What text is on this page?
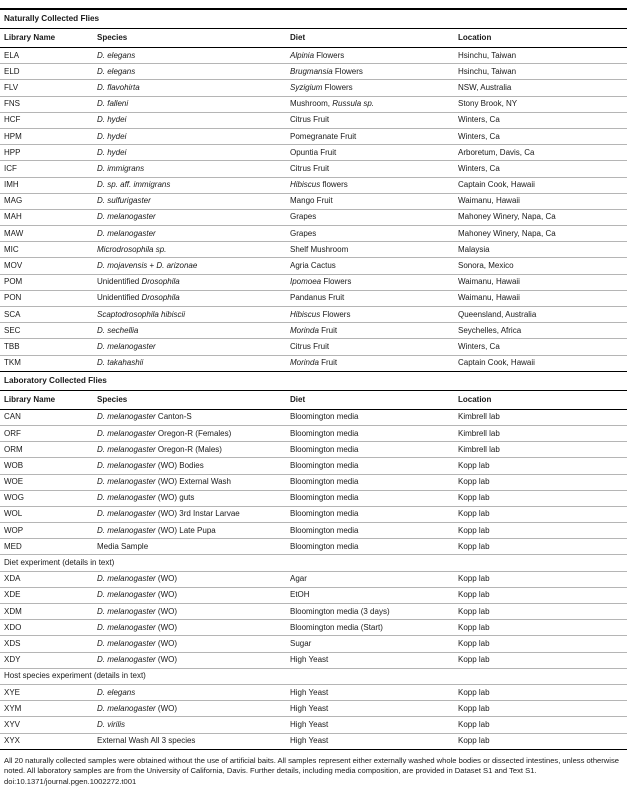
Naturally Collected Flies			
Library Name	Species	Diet	Location
ELA	D. elegans	Alpinia Flowers	Hsinchu, Taiwan
ELD	D. elegans	Brugmansia Flowers	Hsinchu, Taiwan
FLV	D. flavohirta	Syzigium Flowers	NSW, Australia
FNS	D. falleni	Mushroom, Russula sp.	Stony Brook, NY
HCF	D. hydei	Citrus Fruit	Winters, Ca
HPM	D. hydei	Pomegranate Fruit	Winters, Ca
HPP	D. hydei	Opuntia Fruit	Arboretum, Davis, Ca
ICF	D. immigrans	Citrus Fruit	Winters, Ca
IMH	D. sp. aff. immigrans	Hibiscus flowers	Captain Cook, Hawaii
MAG	D. sulfurigaster	Mango Fruit	Waimanu, Hawaii
MAH	D. melanogaster	Grapes	Mahoney Winery, Napa, Ca
MAW	D. melanogaster	Grapes	Mahoney Winery, Napa, Ca
MIC	Microdrosophila sp.	Shelf Mushroom	Malaysia
MOV	D. mojavensis + D. arizonae	Agria Cactus	Sonora, Mexico
POM	Unidentified Drosophila	Ipomoea Flowers	Waimanu, Hawaii
PON	Unidentified Drosophila	Pandanus Fruit	Waimanu, Hawaii
SCA	Scaptodrosophila hibiscii	Hibiscus Flowers	Queensland, Australia
SEC	D. sechellia	Morinda Fruit	Seychelles, Africa
TBB	D. melanogaster	Citrus Fruit	Winters, Ca
TKM	D. takahashii	Morinda Fruit	Captain Cook, Hawaii
Laboratory Collected Flies			
Library Name	Species	Diet	Location
CAN	D. melanogaster Canton-S	Bloomington media	Kimbrell lab
ORF	D. melanogaster Oregon-R (Females)	Bloomington media	Kimbrell lab
ORM	D. melanogaster Oregon-R (Males)	Bloomington media	Kimbrell lab
WOB	D. melanogaster (WO) Bodies	Bloomington media	Kopp lab
WOE	D. melanogaster (WO) External Wash	Bloomington media	Kopp lab
WOG	D. melanogaster (WO) guts	Bloomington media	Kopp lab
WOL	D. melanogaster (WO) 3rd Instar Larvae	Bloomington media	Kopp lab
WOP	D. melanogaster (WO) Late Pupa	Bloomington media	Kopp lab
MED	Media Sample	Bloomington media	Kopp lab
Diet experiment (details in text)			
XDA	D. melanogaster (WO)	Agar	Kopp lab
XDE	D. melanogaster (WO)	EtOH	Kopp lab
XDM	D. melanogaster (WO)	Bloomington media (3 days)	Kopp lab
XDO	D. melanogaster (WO)	Bloomington media (Start)	Kopp lab
XDS	D. melanogaster (WO)	Sugar	Kopp lab
XDY	D. melanogaster (WO)	High Yeast	Kopp lab
Host species experiment (details in text)			
XYE	D. elegans	High Yeast	Kopp lab
XYM	D. melanogaster (WO)	High Yeast	Kopp lab
XYV	D. virilis	High Yeast	Kopp lab
XYX	External Wash All 3 species	High Yeast	Kopp lab
All 20 naturally collected samples were obtained without the use of artificial baits. All samples represent either externally washed whole bodies or dissected intestines, unless otherwise noted. All laboratory samples are from the University of California, Davis. Further details, including media composition, are provided in Dataset S1 and Text S1.
doi:10.1371/journal.pgen.1002272.t001
